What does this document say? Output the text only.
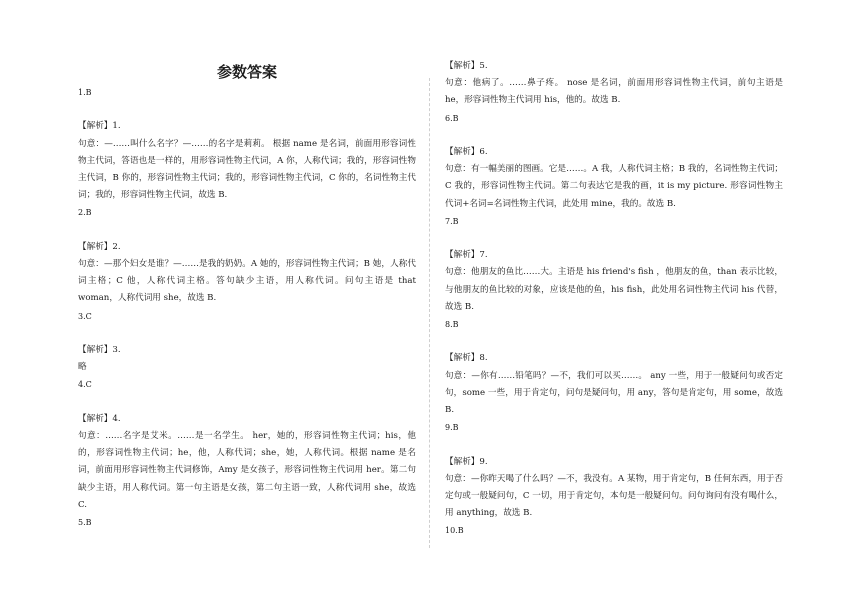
参数答案
1.B
【解析】1.
句意：—……叫什么名字？—……的名字是莉莉。 根据 name 是名词，前面用形容词性物主代词，答语也是一样的，用形容词性物主代词，A 你，人称代词；我的，形容词性物主代词，B 你的，形容词性物主代词；我的，形容词性物主代词，C 你的，名词性物主代词；我的，形容词性物主代词，故选 B.
2.B
【解析】2.
句意：—那个妇女是谁？—……是我的奶奶。A 她的，形容词性物主代词；B 她，人称代词主格；C 他，人称代词主格。答句缺少主语，用人称代词。问句主语是 that woman，人称代词用 she，故选 B.
3.C
【解析】3.
略
4.C
【解析】4.
句意：……名字是艾米。……是一名学生。 her，她的，形容词性物主代词；his，他的，形容词性物主代词；he，他，人称代词；she，她，人称代词。根据 name 是名词，前面用形容词性物主代词修饰，Amy 是女孩子，形容词性物主代词用 her。第二句缺少主语，用人称代词。第一句主语是女孩，第二句主语一致，人称代词用 she，故选 C.
5.B
【解析】5.
句意：他病了。……鼻子疼。 nose 是名词，前面用形容词性物主代词，前句主语是 he，形容词性物主代词用 his，他的。故选 B.
6.B
【解析】6.
句意：有一幅美丽的图画。它是……。A 我，人称代词主格；B 我的，名词性物主代词；C 我的，形容词性物主代词。第二句表达它是我的画，it is my picture. 形容词性物主代词+名词=名词性物主代词，此处用 mine，我的。故选 B.
7.B
【解析】7.
句意：他朋友的鱼比……大。主语是 his friend's fish ，他朋友的鱼，than 表示比较，与他朋友的鱼比较的对象，应该是他的鱼，his fish，此处用名词性物主代词 his 代替，故选 B.
8.B
【解析】8.
句意：—你有……铅笔吗？—不，我们可以买……。 any 一些，用于一般疑问句或否定句，some 一些，用于肯定句，问句是疑问句，用 any，答句是肯定句，用 some，故选 B.
9.B
【解析】9.
句意：—你昨天喝了什么吗？—不，我没有。A 某物，用于肯定句，B 任何东西，用于否定句或一般疑问句，C 一切，用于肯定句，本句是一般疑问句。问句询问有没有喝什么，用 anything，故选 B.
10.B
